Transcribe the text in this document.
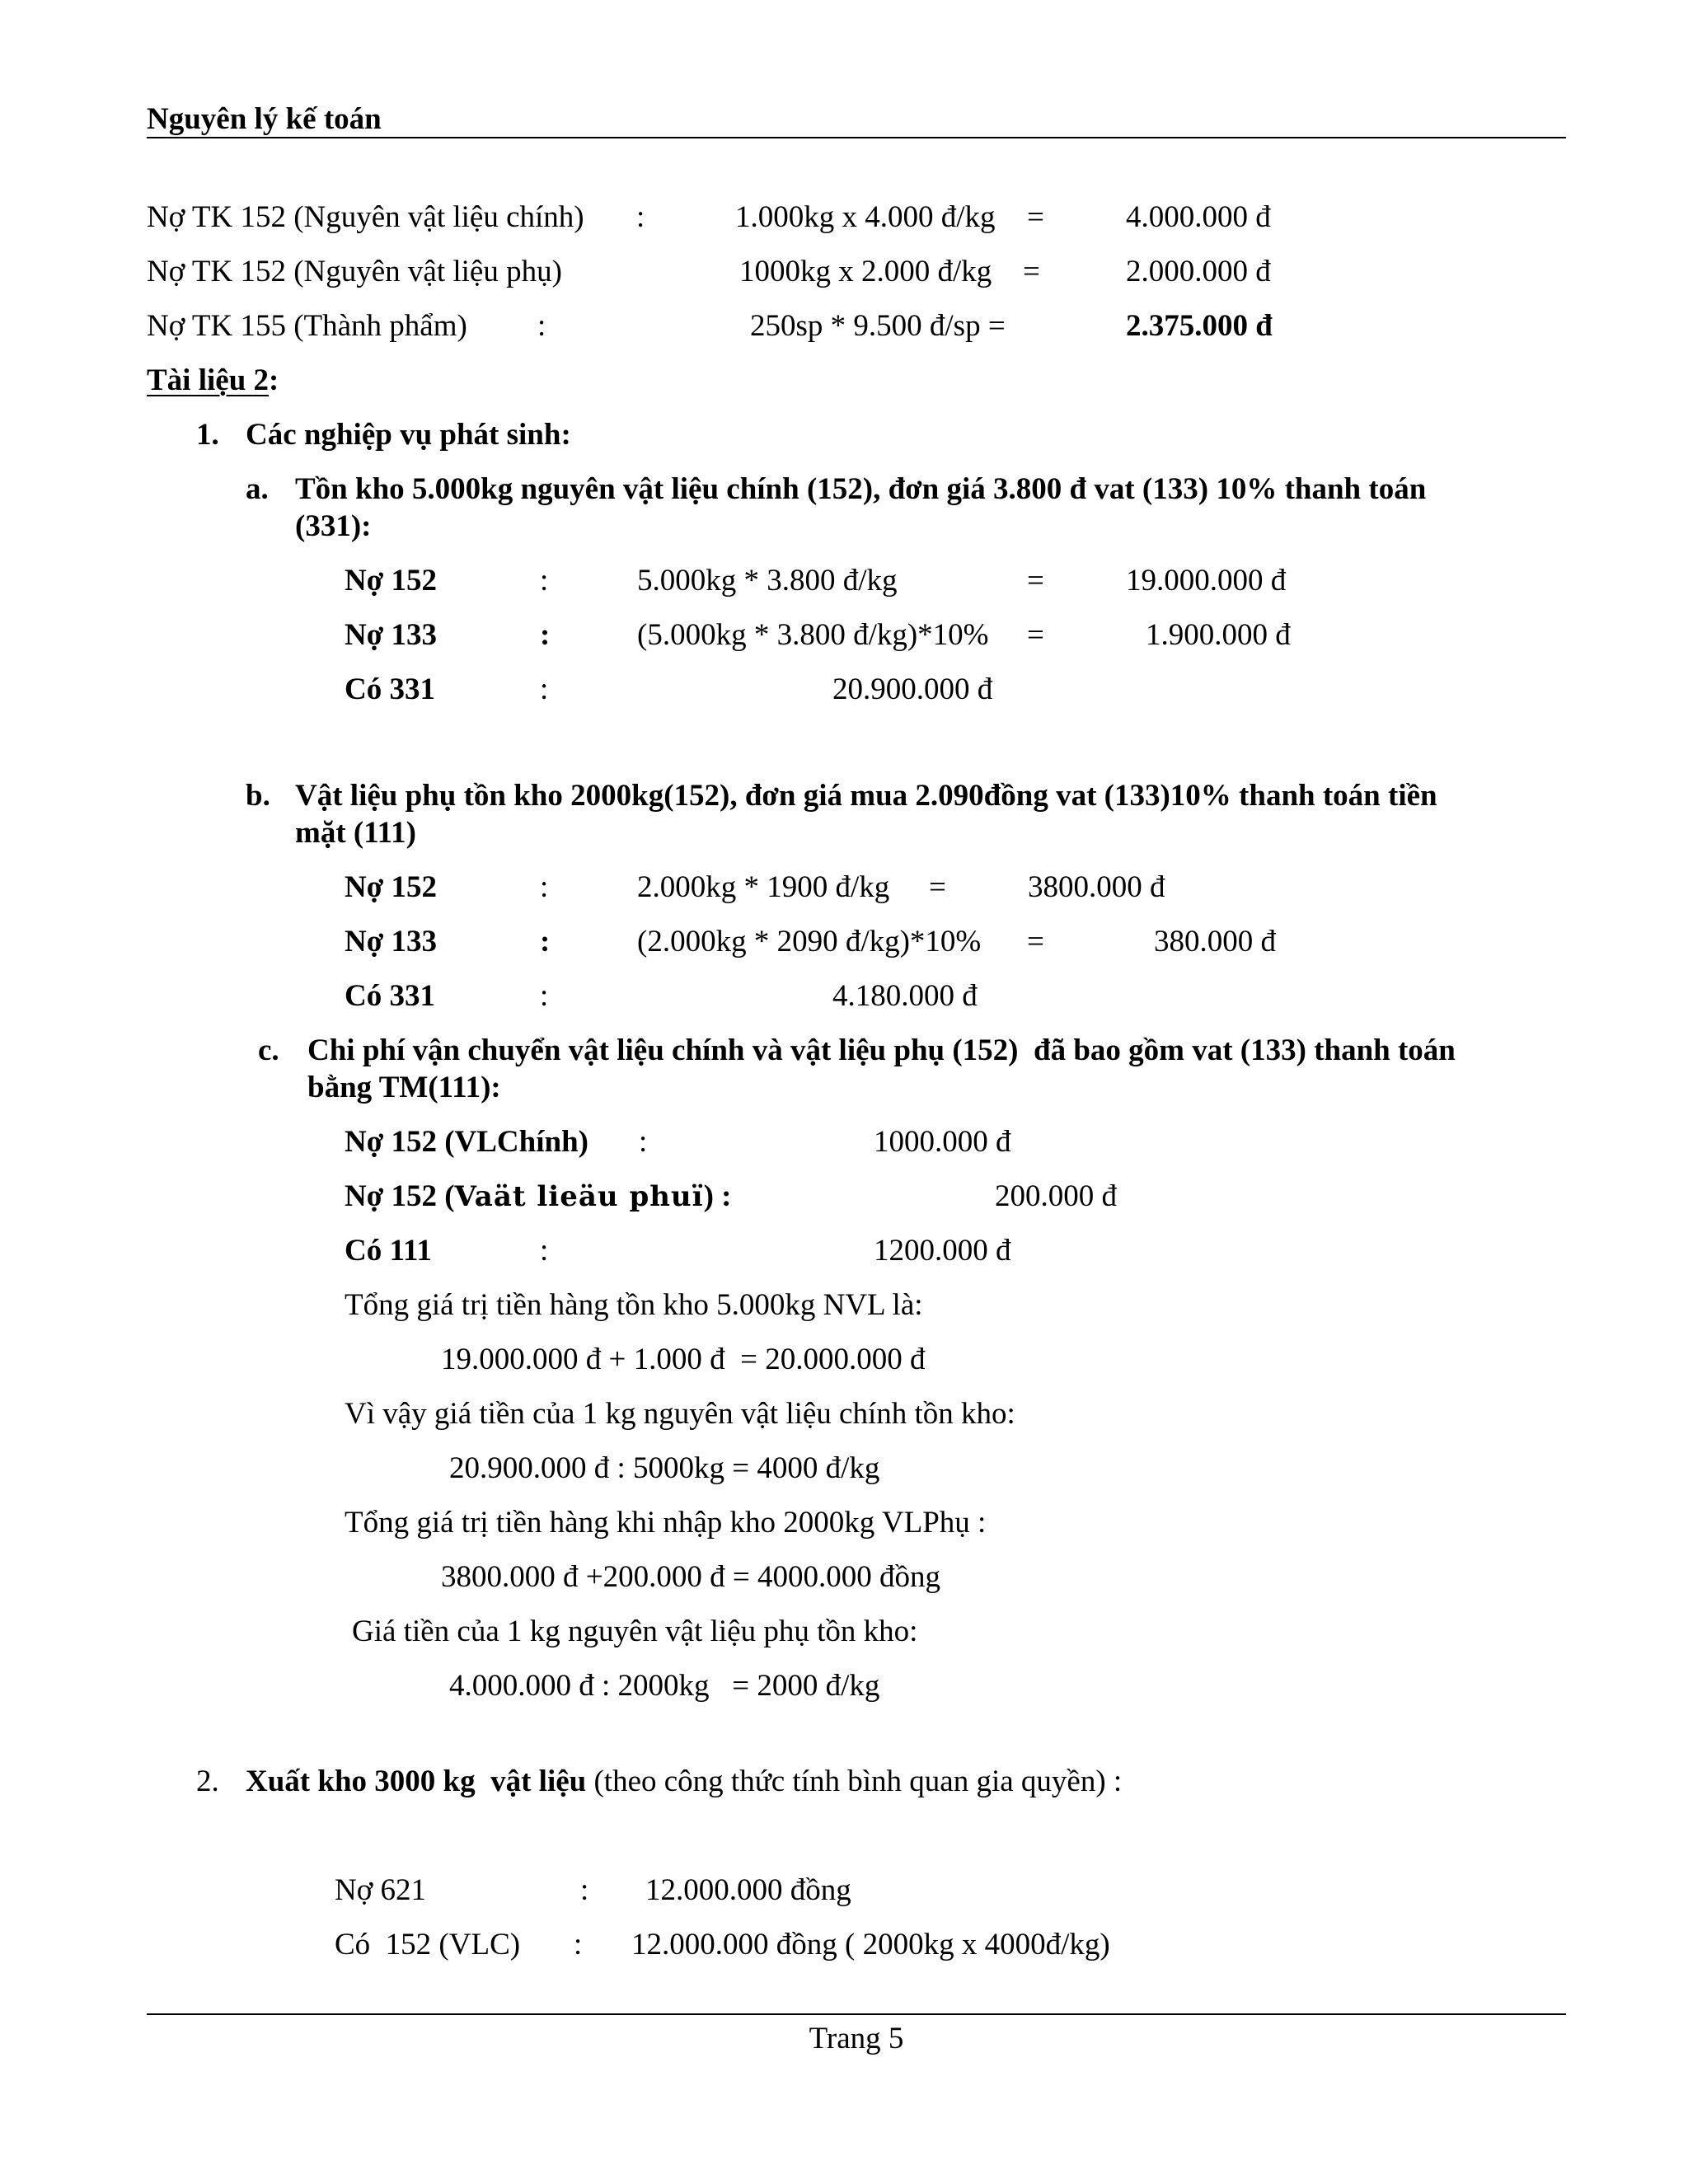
Nguyên lý kế toán
Nợ TK 152 (Nguyên vật liệu chính) :	1.000kg x 4.000 đ/kg =	4.000.000 đ
Nợ TK 152 (Nguyên vật liệu phụ)	1000kg x 2.000 đ/kg =	2.000.000 đ
Nợ TK 155 (Thành phẩm) :	250sp * 9.500 đ/sp =	2.375.000 đ
Tài liệu 2:
1. Các nghiệp vụ phát sinh:
a. Tồn kho 5.000kg nguyên vật liệu chính (152), đơn giá 3.800 đ vat (133) 10% thanh toán
(331):
Nợ 152	:	5.000kg * 3.800 đ/kg	=	19.000.000 đ
Nợ 133	:	(5.000kg * 3.800 đ/kg)*10% =	1.900.000 đ
Có 331	:	20.900.000 đ
b. Vật liệu phụ tồn kho 2000kg(152), đơn giá mua 2.090đồng vat (133)10% thanh toán tiền
mặt (111)
Nợ 152	:	2.000kg * 1900 đ/kg =	3800.000 đ
Nợ 133	:	(2.000kg * 2090 đ/kg)*10% =	380.000 đ
Có 331	:	4.180.000 đ
c. Chi phí vận chuyển vật liệu chính và vật liệu phụ (152)  đã bao gồm vat (133) thanh toán
bằng TM(111):
Nợ 152 (VLChính) :	1000.000 đ
Nợ 152 (Vaät lieäu phuï) :	200.000 đ
Có 111	:	1200.000 đ
Tổng giá trị tiền hàng tồn kho 5.000kg NVL là:
19.000.000 đ + 1.000 đ  = 20.000.000 đ
Vì vậy giá tiền của 1 kg nguyên vật liệu chính tồn kho:
20.900.000 đ : 5000kg = 4000 đ/kg
Tổng giá trị tiền hàng khi nhập kho 2000kg VLPhụ :
3800.000 đ +200.000 đ = 4000.000 đồng
Giá tiền của 1 kg nguyên vật liệu phụ tồn kho:
4.000.000 đ : 2000kg   = 2000 đ/kg
2. Xuất kho 3000 kg  vật liệu (theo công thức tính bình quan gia quyền) :
Nợ 621	: 12.000.000 đồng
Có  152 (VLC) : 12.000.000 đồng ( 2000kg x 4000đ/kg)
Trang 5
